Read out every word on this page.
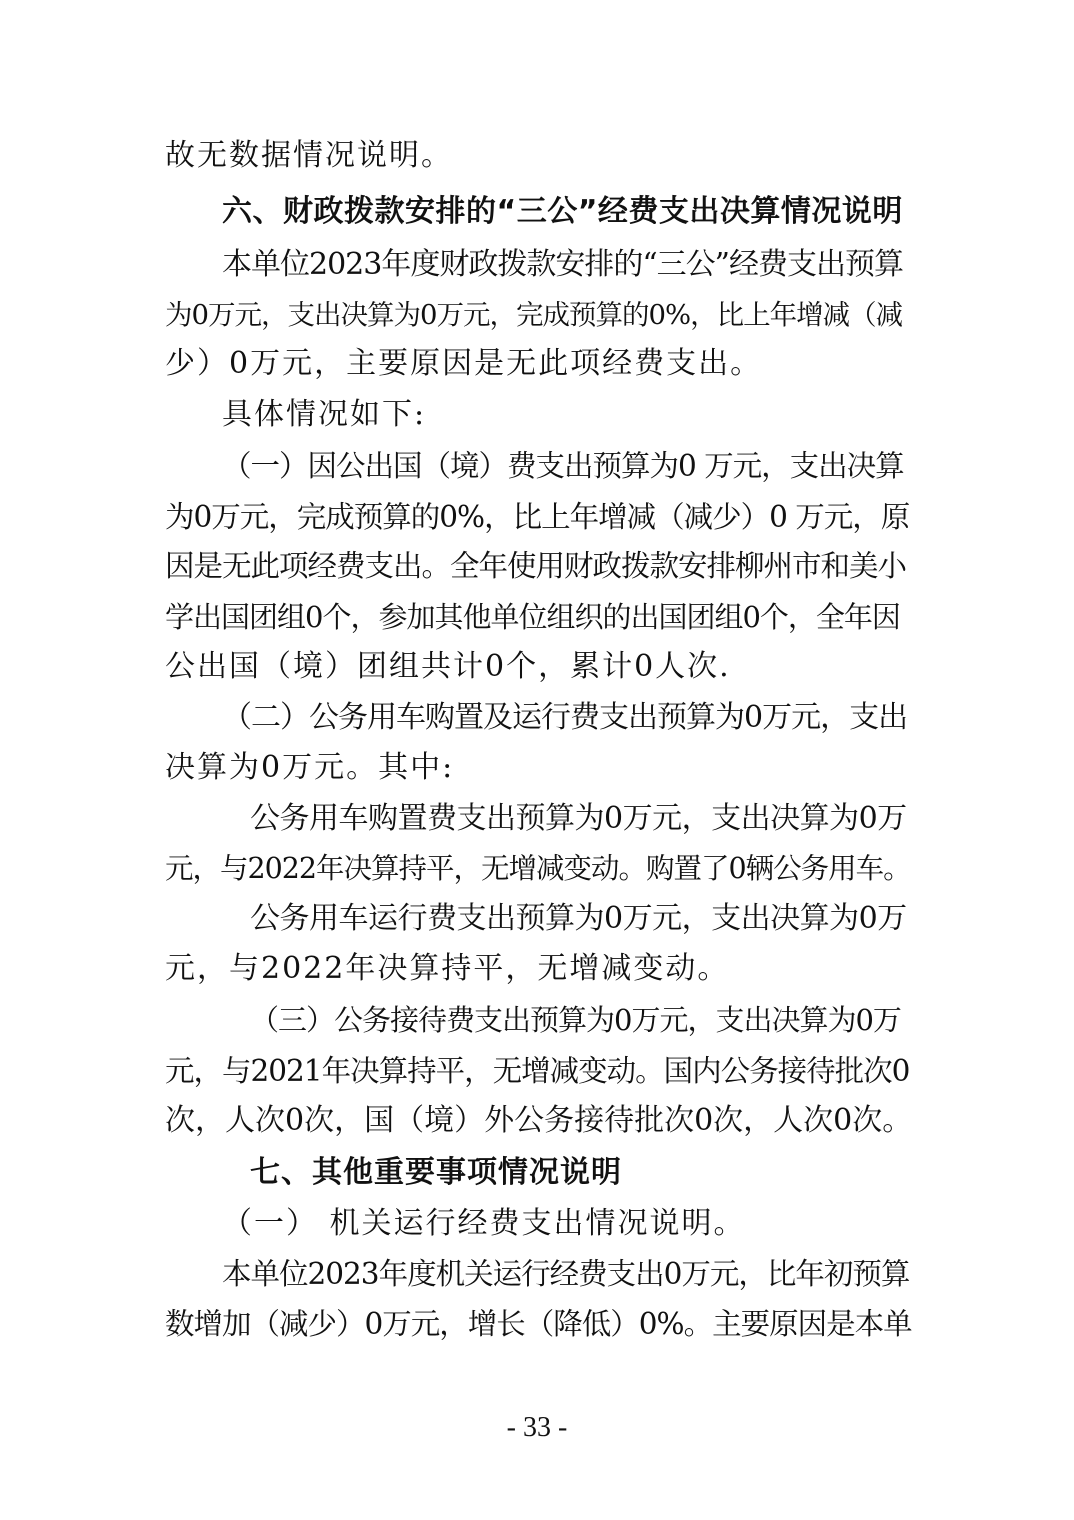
故无数据情况说明。
六、财政拨款安排的“三公”经费支出决算情况说明
本单位2023年度财政拨款安排的“三公”经费支出预算
为0万元，支出决算为0万元，完成预算的0%，比上年增减（减
少）0万元，主要原因是无此项经费支出。
具体情况如下:
（一）因公出国（境）费支出预算为0 万元，支出决算
为0万元，完成预算的0%，比上年增减（减少）0 万元，原
因是无此项经费支出。全年使用财政拨款安排柳州市和美小
学出国团组0个，参加其他单位组织的出国团组0个，全年因
公出国（境）团组共计0个，累计0人次.
（二）公务用车购置及运行费支出预算为0万元，支出
决算为0万元。其中:
公务用车购置费支出预算为0万元，支出决算为0万
元，与2022年决算持平，无增减变动。购置了0辆公务用车。
公务用车运行费支出预算为0万元，支出决算为0万
元，与2022年决算持平，无增减变动。
（三）公务接待费支出预算为0万元，支出决算为0万
元，与2021年决算持平，无增减变动。国内公务接待批次0
次，人次0次，国（境）外公务接待批次0次，人次0次。
七、其他重要事项情况说明
（一） 机关运行经费支出情况说明。
本单位2023年度机关运行经费支出0万元，比年初预算
数增加（减少）0万元，增长（降低）0%。主要原因是本单
- 33 -
